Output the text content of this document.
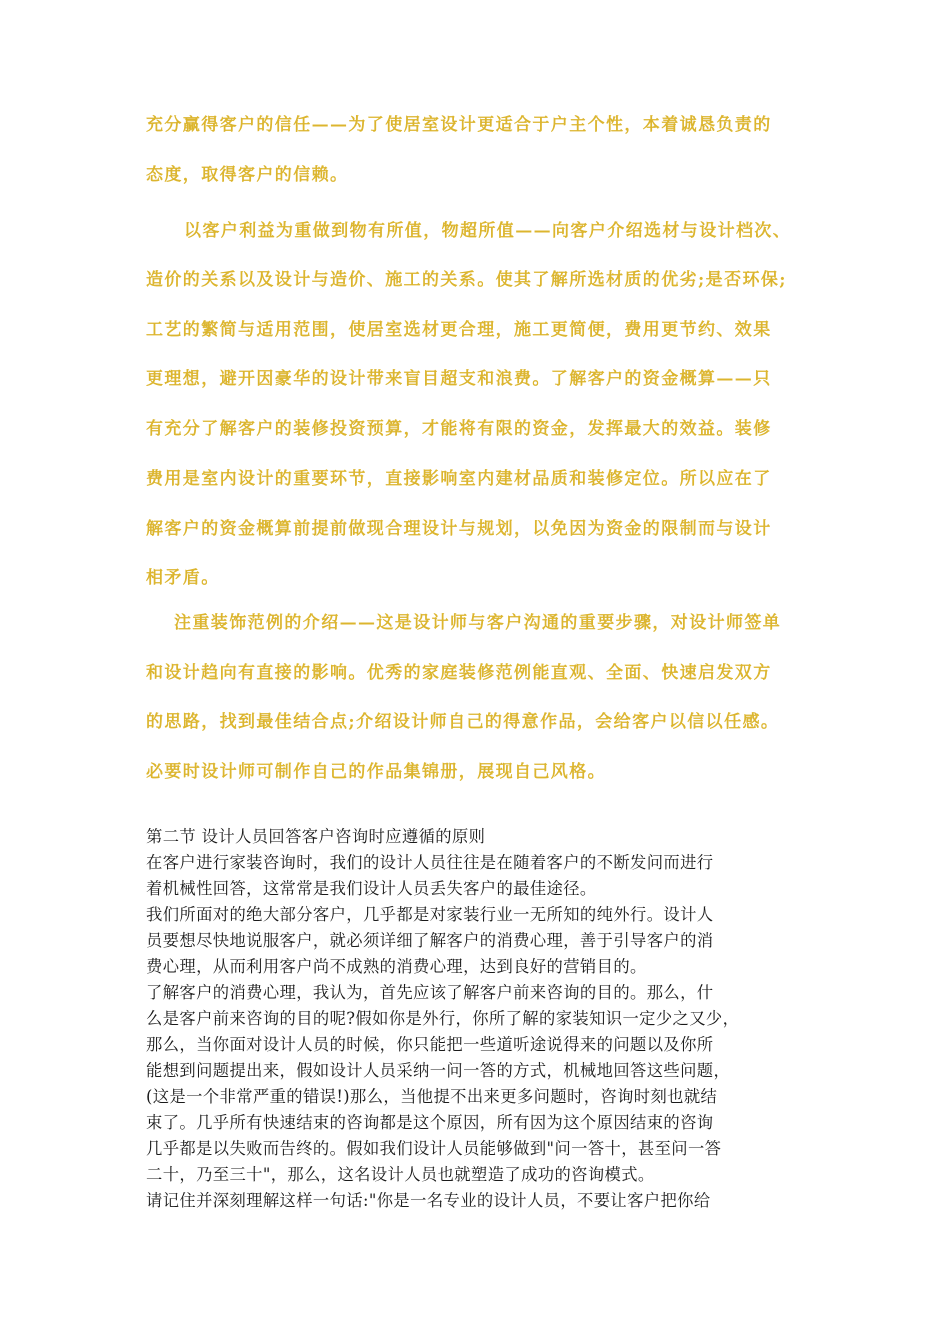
充分赢得客户的信任——为了使居室设计更适合于户主个性，本着诚恳负责的
态度，取得客户的信赖。
以客户利益为重做到物有所值，物超所值——向客户介绍选材与设计档次、
造价的关系以及设计与造价、施工的关系。使其了解所选材质的优劣;是否环保;
工艺的繁简与适用范围，使居室选材更合理，施工更简便，费用更节约、效果
更理想，避开因豪华的设计带来盲目超支和浪费。了解客户的资金概算——只
有充分了解客户的装修投资预算，才能将有限的资金，发挥最大的效益。装修
费用是室内设计的重要环节，直接影响室内建材品质和装修定位。所以应在了
解客户的资金概算前提前做现合理设计与规划，以免因为资金的限制而与设计
相矛盾。
注重装饰范例的介绍——这是设计师与客户沟通的重要步骤，对设计师签单
和设计趋向有直接的影响。优秀的家庭装修范例能直观、全面、快速启发双方
的思路，找到最佳结合点;介绍设计师自己的得意作品，会给客户以信以任感。
必要时设计师可制作自己的作品集锦册，展现自己风格。
第二节 设计人员回答客户咨询时应遵循的原则
在客户进行家装咨询时，我们的设计人员往往是在随着客户的不断发问而进行
着机械性回答，这常常是我们设计人员丢失客户的最佳途径。
我们所面对的绝大部分客户，几乎都是对家装行业一无所知的纯外行。设计人
员要想尽快地说服客户，就必须详细了解客户的消费心理，善于引导客户的消
费心理，从而利用客户尚不成熟的消费心理，达到良好的营销目的。
了解客户的消费心理，我认为，首先应该了解客户前来咨询的目的。那么，什
么是客户前来咨询的目的呢?假如你是外行，你所了解的家装知识一定少之又少，
那么，当你面对设计人员的时候，你只能把一些道听途说得来的问题以及你所
能想到问题提出来，假如设计人员采纳一问一答的方式，机械地回答这些问题，
(这是一个非常严重的错误!)那么，当他提不出来更多问题时，咨询时刻也就结
束了。几乎所有快速结束的咨询都是这个原因，所有因为这个原因结束的咨询
几乎都是以失败而告终的。假如我们设计人员能够做到"问一答十，甚至问一答
二十，乃至三十"，那么，这名设计人员也就塑造了成功的咨询模式。
请记住并深刻理解这样一句话:"你是一名专业的设计人员，不要让客户把你给
